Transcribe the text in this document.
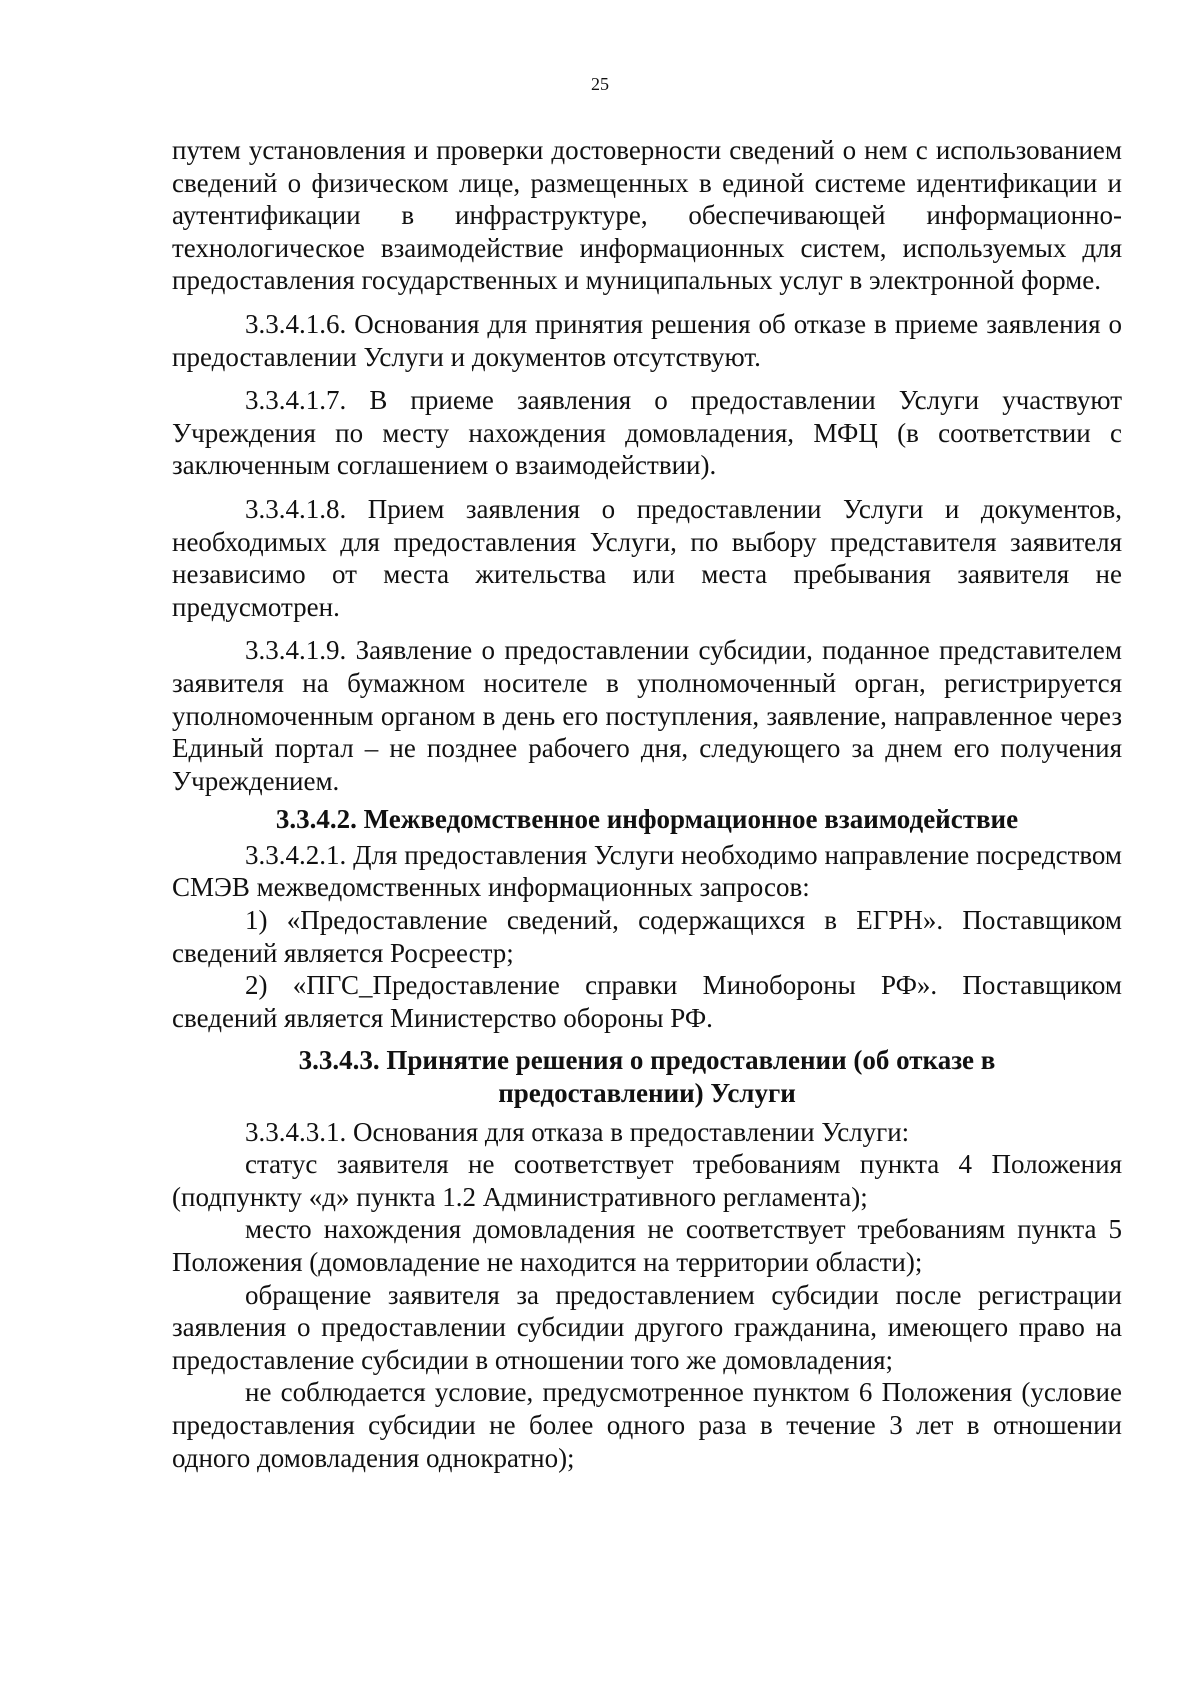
25

путем установления и проверки достоверности сведений о нем с использованием сведений о физическом лице, размещенных в единой системе идентификации и аутентификации в инфраструктуре, обеспечивающей информационно-технологическое взаимодействие информационных систем, используемых для предоставления государственных и муниципальных услуг в электронной форме.

3.3.4.1.6. Основания для принятия решения об отказе в приеме заявления о предоставлении Услуги и документов отсутствуют.

3.3.4.1.7. В приеме заявления о предоставлении Услуги участвуют Учреждения по месту нахождения домовладения, МФЦ (в соответствии с заключенным соглашением о взаимодействии).

3.3.4.1.8. Прием заявления о предоставлении Услуги и документов, необходимых для предоставления Услуги, по выбору представителя заявителя независимо от места жительства или места пребывания заявителя не предусмотрен.

3.3.4.1.9. Заявление о предоставлении субсидии, поданное представителем заявителя на бумажном носителе в уполномоченный орган, регистрируется уполномоченным органом в день его поступления, заявление, направленное через Единый портал – не позднее рабочего дня, следующего за днем его получения Учреждением.

3.3.4.2. Межведомственное информационное взаимодействие

3.3.4.2.1. Для предоставления Услуги необходимо направление посредством СМЭВ межведомственных информационных запросов:

1) «Предоставление сведений, содержащихся в ЕГРН». Поставщиком сведений является Росреестр;

2) «ПГС_Предоставление справки Минобороны РФ». Поставщиком сведений является Министерство обороны РФ.

3.3.4.3. Принятие решения о предоставлении (об отказе в
предоставлении) Услуги

3.3.4.3.1. Основания для отказа в предоставлении Услуги:

статус заявителя не соответствует требованиям пункта 4 Положения (подпункту «д» пункта 1.2 Административного регламента);

место нахождения домовладения не соответствует требованиям пункта 5 Положения (домовладение не находится на территории области);

обращение заявителя за предоставлением субсидии после регистрации заявления о предоставлении субсидии другого гражданина, имеющего право на предоставление субсидии в отношении того же домовладения;

не соблюдается условие, предусмотренное пунктом 6 Положения (условие предоставления субсидии не более одного раза в течение 3 лет в отношении одного домовладения однократно);
